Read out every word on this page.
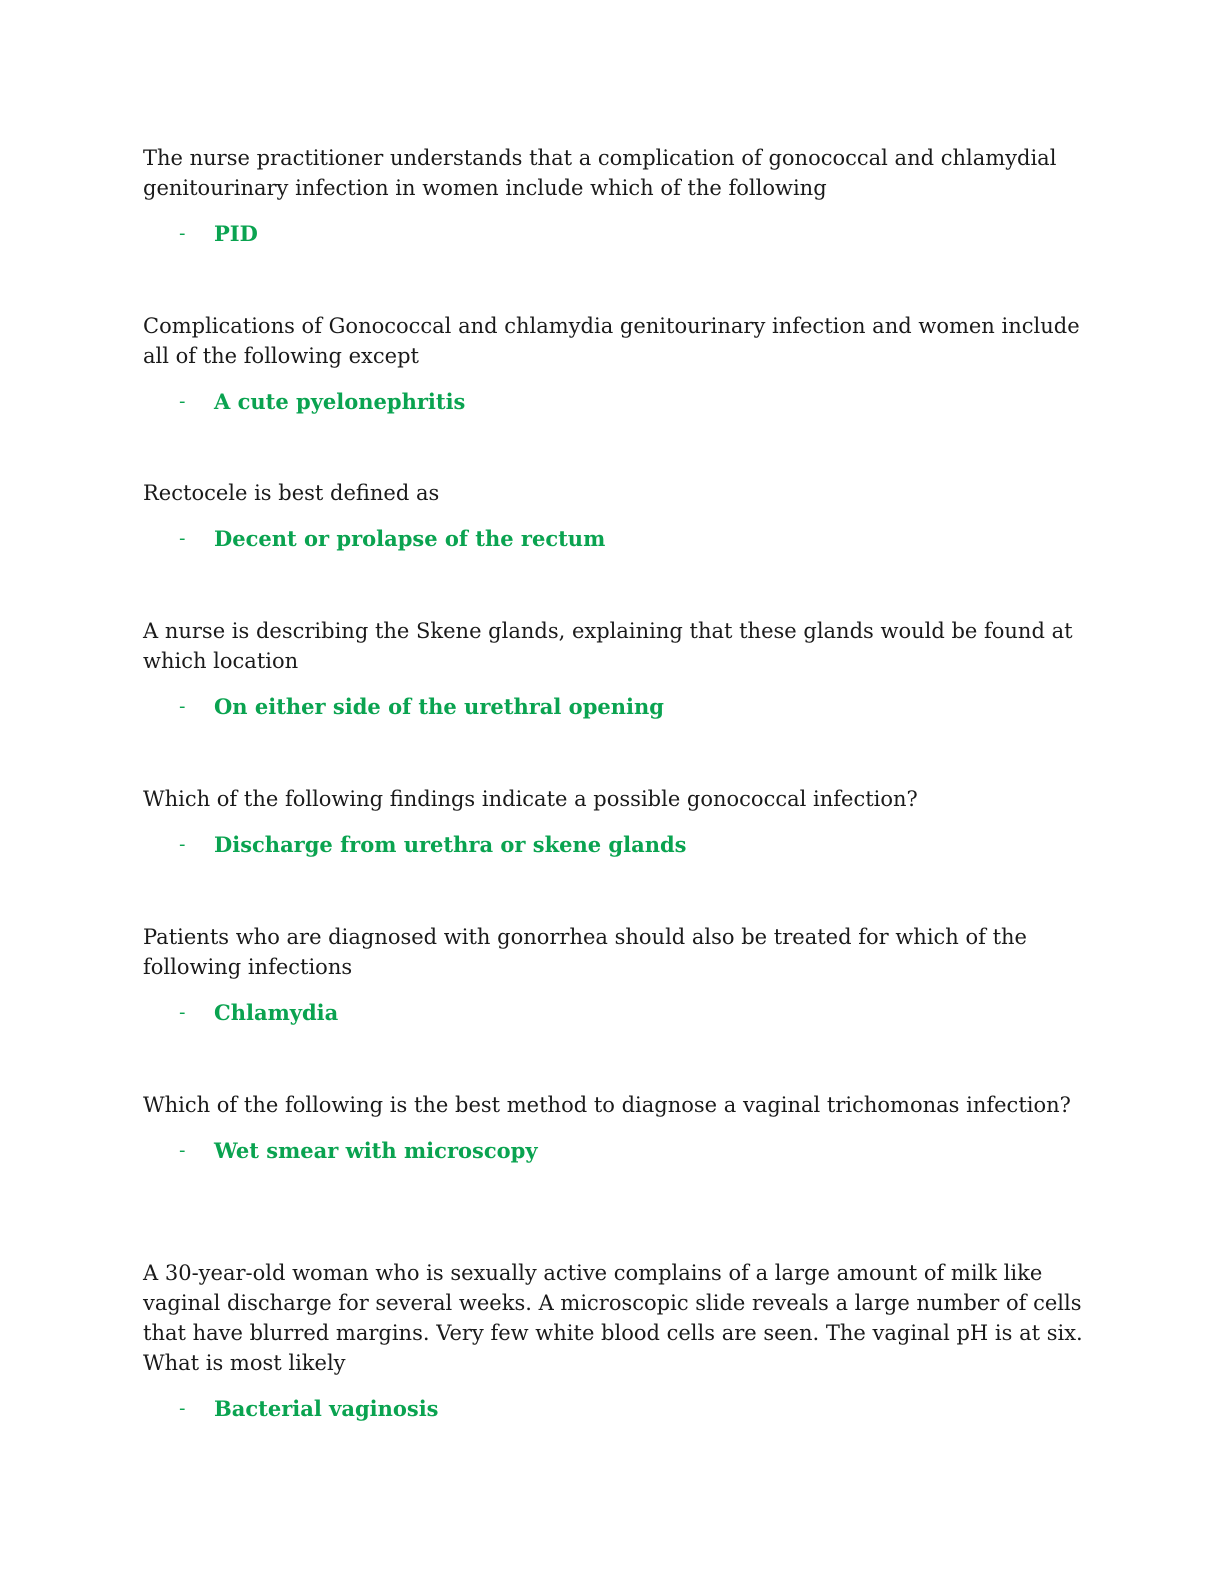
The nurse practitioner understands that a complication of gonococcal and chlamydial genitourinary infection in women include which of the following

- PID

Complications of Gonococcal and chlamydia genitourinary infection and women include all of the following except

- A cute pyelonephritis

Rectocele is best defined as

- Decent or prolapse of the rectum

A nurse is describing the Skene glands, explaining that these glands would be found at which location

- On either side of the urethral opening

Which of the following findings indicate a possible gonococcal infection?

- Discharge from urethra or skene glands

Patients who are diagnosed with gonorrhea should also be treated for which of the following infections

- Chlamydia

Which of the following is the best method to diagnose a vaginal trichomonas infection?

- Wet smear with microscopy

A 30-year-old woman who is sexually active complains of a large amount of milk like vaginal discharge for several weeks. A microscopic slide reveals a large number of cells that have blurred margins. Very few white blood cells are seen. The vaginal pH is at six. What is most likely

- Bacterial vaginosis
